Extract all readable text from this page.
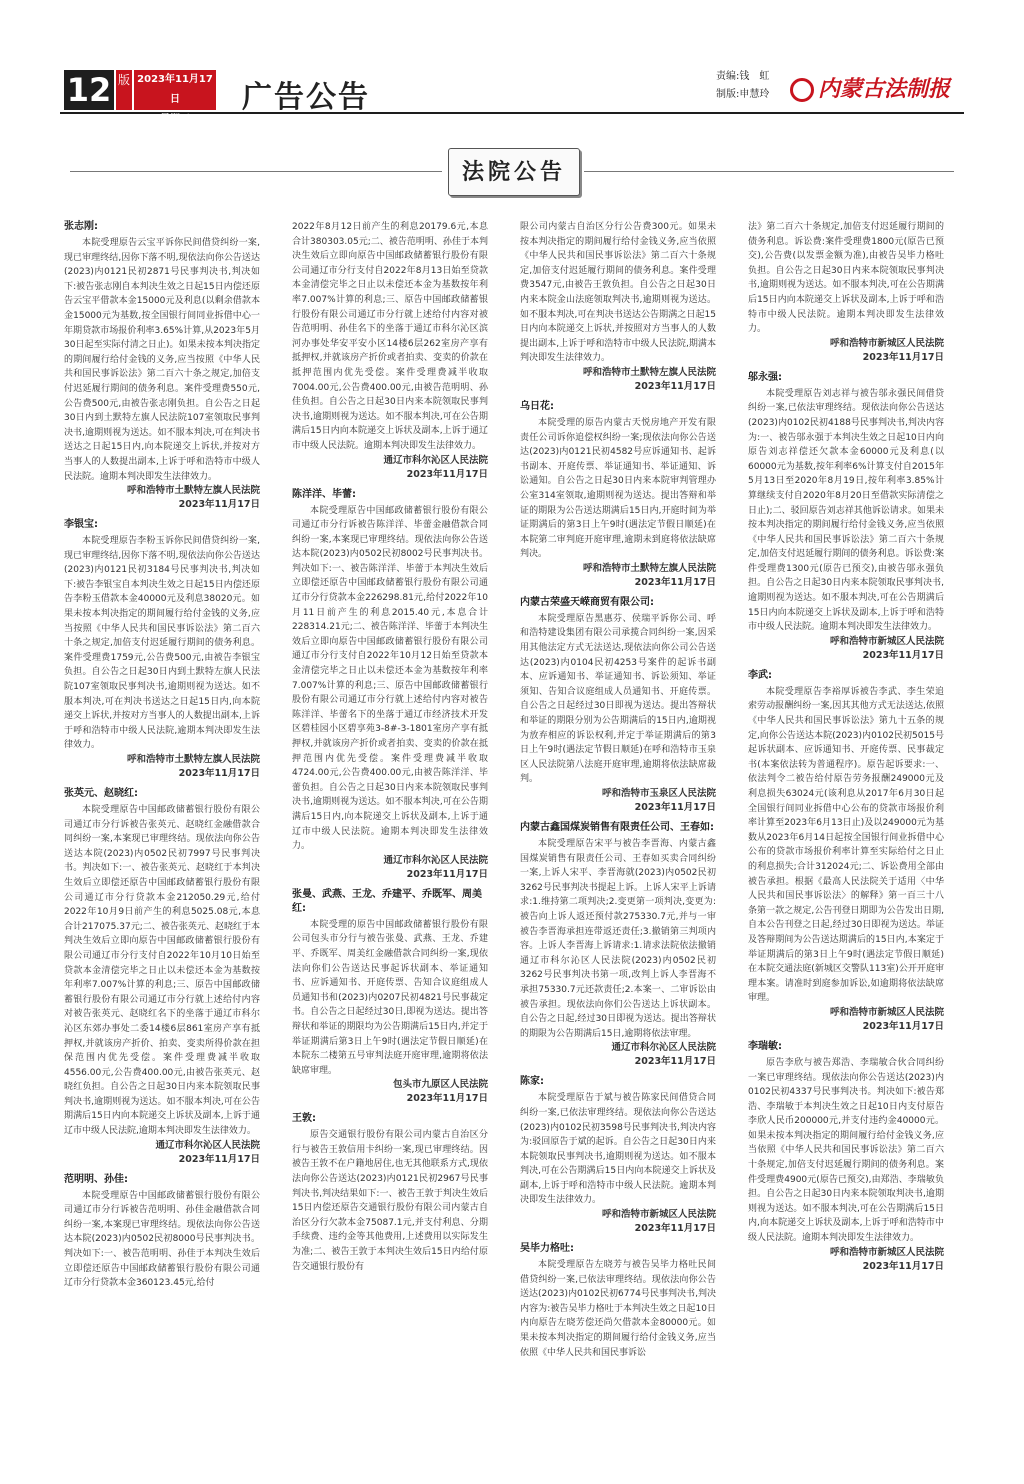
12 版 2023年11月17日
星期五
广告公告
责编:钱　虹
制版:申慧玲	内蒙古法制报
法院公告
张志刚:

本院受理原告云宝平诉你民间借贷纠纷一案,现已审理终结,因你下落不明,现依法向你公告送达(2023)内0121民初2871号民事判决书,判决如下:被告张志刚自本判决生效之日起15日内偿还原告云宝平借款本金15000元及利息(以剩余借款本金15000元为基数,按全国银行间同业拆借中心一年期贷款市场报价利率3.65%计算,从2023年5月30日起至实际付清之日止)。如果未按本判决指定的期间履行给付金钱的义务,应当按照《中华人民共和国民事诉讼法》第二百六十条之规定,加倍支付迟延履行期间的债务利息。案件受理费550元,公告费500元,由被告张志刚负担。自公告之日起30日内到土默特左旗人民法院107室领取民事判决书,逾期则视为送达。如不服本判决,可在判决书送达之日起15日内,向本院递交上诉状,并按对方当事人的人数提出副本,上诉于呼和浩特市中级人民法院。逾期本判决即发生法律效力。

呼和浩特市土默特左旗人民法院

2023年11月17日

李银宝:

本院受理原告李粉玉诉你民间借贷纠纷一案,现已审理终结,因你下落不明,现依法向你公告送达(2023)内0121民初3184号民事判决书,判决如下:被告李银宝自本判决生效之日起15日内偿还原告李粉玉借款本金40000元及利息38020元。如果未按本判决指定的期间履行给付金钱的义务,应当按照《中华人民共和国民事诉讼法》第二百六十条之规定,加倍支付迟延履行期间的债务利息。案件受理费1759元,公告费500元,由被告李银宝负担。自公告之日起30日内到土默特左旗人民法院107室领取民事判决书,逾期则视为送达。如不服本判决,可在判决书送达之日起15日内,向本院递交上诉状,并按对方当事人的人数提出副本,上诉于呼和浩特市中级人民法院,逾期本判决即发生法律效力。

呼和浩特市土默特左旗人民法院

2023年11月17日

张英元、赵晓红:

本院受理原告中国邮政储蓄银行股份有限公司通辽市分行诉被告张英元、赵晓红金融借款合同纠纷一案,本案现已审理终结。现依法向你公告送达本院(2023)内0502民初7997号民事判决书。判决如下:一、被告张英元、赵晓红于本判决生效后立即偿还原告中国邮政储蓄银行股份有限公司通辽市分行贷款本金212050.29元,给付2022年10月9日前产生的利息5025.08元,本息合计217075.37元;二、被告张英元、赵晓红于本判决生效后立即向原告中国邮政储蓄银行股份有限公司通辽市分行支付自2022年10月10日始至贷款本金清偿完毕之日止以未偿还本金为基数按年利率7.007%计算的利息;三、原告中国邮政储蓄银行股份有限公司通辽市分行就上述给付内容对被告张英元、赵晓红名下的坐落于通辽市科尔沁区东郊办事处二委14楼6层861室房产享有抵押权,并就该房产折价、拍卖、变卖所得价款在担保范围内优先受偿。案件受理费减半收取4556.00元,公告费400.00元,由被告张英元、赵晓红负担。自公告之日起30日内来本院领取民事判决书,逾期则视为送达。如不服本判决,可在公告期满后15日内向本院递交上诉状及副本,上诉于通辽市中级人民法院,逾期本判决即发生法律效力。

通辽市科尔沁区人民法院

2023年11月17日

范明明、孙佳:

本院受理原告中国邮政储蓄银行股份有限公司通辽市分行诉被告范明明、孙佳金融借款合同纠纷一案,本案现已审理终结。现依法向你公告送达本院(2023)内0502民初8000号民事判决书。判决如下:一、被告范明明、孙佳于本判决生效后立即偿还原告中国邮政储蓄银行股份有限公司通辽市分行贷款本金360123.45元,给付

2022年8月12日前产生的利息20179.6元,本息合计380303.05元;二、被告范明明、孙佳于本判决生效后立即向原告中国邮政储蓄银行股份有限公司通辽市分行支付自2022年8月13日始至贷款本金清偿完毕之日止以未偿还本金为基数按年利率7.007%计算的利息;三、原告中国邮政储蓄银行股份有限公司通辽市分行就上述给付内容对被告范明明、孙佳名下的坐落于通辽市科尔沁区滨河办事处华安平安小区14楼6层262室房产享有抵押权,并就该房产折价或者拍卖、变卖的价款在抵押范围内优先受偿。案件受理费减半收取7004.00元,公告费400.00元,由被告范明明、孙佳负担。自公告之日起30日内来本院领取民事判决书,逾期则视为送达。如不服本判决,可在公告期满后15日内向本院递交上诉状及副本,上诉于通辽市中级人民法院。逾期本判决即发生法律效力。

通辽市科尔沁区人民法院

2023年11月17日

陈洋洋、毕蕾:

本院受理原告中国邮政储蓄银行股份有限公司通辽市分行诉被告陈洋洋、毕蕾金融借款合同纠纷一案,本案现已审理终结。现依法向你公告送达本院(2023)内0502民初8002号民事判决书。判决如下:一、被告陈洋洋、毕蕾于本判决生效后立即偿还原告中国邮政储蓄银行股份有限公司通辽市分行贷款本金226298.81元,给付2022年10月11日前产生的利息2015.40元,本息合计228314.21元;二、被告陈洋洋、毕蕾于本判决生效后立即向原告中国邮政储蓄银行股份有限公司通辽市分行支付自2022年10月12日始至贷款本金清偿完毕之日止以未偿还本金为基数按年利率7.007%计算的利息;三、原告中国邮政储蓄银行股份有限公司通辽市分行就上述给付内容对被告陈洋洋、毕蕾名下的坐落于通辽市经济技术开发区碧桂园小区碧享苑3-8#-3-1801室房产享有抵押权,并就该房产折价或者拍卖、变卖的价款在抵押范围内优先受偿。案件受理费减半收取4724.00元,公告费400.00元,由被告陈洋洋、毕蕾负担。自公告之日起30日内来本院领取民事判决书,逾期则视为送达。如不服本判决,可在公告期满后15日内,向本院递交上诉状及副本,上诉于通辽市中级人民法院。逾期本判决即发生法律效力。

通辽市科尔沁区人民法院

2023年11月17日

张曼、武燕、王龙、乔建平、乔既军、周美红:

本院受理的原告中国邮政储蓄银行股份有限公司包头市分行与被告张曼、武燕、王龙、乔建平、乔既军、周美红金融借款合同纠纷一案,现依法向你们公告送达民事起诉状副本、举证通知书、应诉通知书、开庭传票、告知合议庭组成人员通知书和(2023)内0207民初4821号民事裁定书。自公告之日起经过30日,即视为送达。提出答辩状和举证的期限均为公告期满后15日内,并定于举证期满后第3日上午9时(遇法定节假日顺延)在本院东二楼第五号审判法庭开庭审理,逾期将依法缺席审理。

包头市九原区人民法院

2023年11月17日

王敦:

原告交通银行股份有限公司内蒙古自治区分行与被告王敦信用卡纠纷一案,现已审理终结。因被告王敦不在户籍地居住,也无其他联系方式,现依法向你公告送达(2023)内0121民初2967号民事判决书,判决结果如下:一、被告王敦于判决生效后15日内偿还原告交通银行股份有限公司内蒙古自治区分行欠款本金75087.1元,并支付利息、分期手续费、违约金等其他费用,上述费用以实际发生为准;二、被告王敦于本判决生效后15日内给付原告交通银行股份有

限公司内蒙古自治区分行公告费300元。如果未按本判决指定的期间履行给付金钱义务,应当依照《中华人民共和国民事诉讼法》第二百六十条规定,加倍支付迟延履行期间的债务利息。案件受理费3547元,由被告王敦负担。自公告之日起30日内来本院金山法庭领取判决书,逾期则视为送达。如不服本判决,可在判决书送达公告期满之日起15日内向本院递交上诉状,并按照对方当事人的人数提出副本,上诉于呼和浩特市中级人民法院,期满本判决即发生法律效力。

呼和浩特市土默特左旗人民法院

2023年11月17日

乌日花:

本院受理的原告内蒙古天悦房地产开发有限责任公司诉你追偿权纠纷一案;现依法向你公告送达(2023)内0121民初4582号应诉通知书、起诉书副本、开庭传票、举证通知书、举证通知、诉讼通知。自公告之日起30日内来本院审判管理办公室314室领取,逾期则视为送达。提出答辩和举证的期限为公告送达期满后15日内,开庭时间为举证期满后的第3日上午9时(遇法定节假日顺延)在本院第二审判庭开庭审理,逾期未到庭将依法缺席判决。

呼和浩特市土默特左旗人民法院

2023年11月17日

内蒙古荣盛天嵘商贸有限公司:

本院受理原告黑惠芬、侯瑞平诉你公司、呼和浩特建设集团有限公司承揽合同纠纷一案,因采用其他法定方式无法送达,现依法向你公司公告送达(2023)内0104民初4253号案件的起诉书副本、应诉通知书、举证通知书、诉讼须知、举证须知、告知合议庭组成人员通知书、开庭传票。自公告之日起经过30日即视为送达。提出答辩状和举证的期限分别为公告期满后的15日内,逾期视为放弃相应的诉讼权利,并定于举证期满后的第3日上午9时(遇法定节假日顺延)在呼和浩特市玉泉区人民法院第八法庭开庭审理,逾期将依法缺席裁判。

呼和浩特市玉泉区人民法院

2023年11月17日

内蒙古鑫国煤炭销售有限责任公司、王春如:

本院受理原告宋平与被告李晋海、内蒙古鑫国煤炭销售有限责任公司、王春如买卖合同纠纷一案,上诉人宋平、李晋海就(2023)内0502民初3262号民事判决书提起上诉。上诉人宋平上诉请求:1.维持第二项判决;2.变更第一项判决,变更为:被告向上诉人返还预付款275330.7元,并与一审被告李晋海承担连带返还责任;3.撤销第三判项内容。上诉人李晋海上诉请求:1.请求法院依法撤销通辽市科尔沁区人民法院(2023)内0502民初3262号民事判决书第一项,改判上诉人李晋海不承担75330.7元还款责任;2.本案一、二审诉讼由被告承担。现依法向你们公告送达上诉状副本。自公告之日起,经过30日即视为送达。提出答辩状的期限为公告期满后15日,逾期将依法审理。

通辽市科尔沁区人民法院

2023年11月17日

陈家:

本院受理原告于斌与被告陈家民间借贷合同纠纷一案,已依法审理终结。现依法向你公告送达(2023)内0102民初3598号民事判决书,判决内容为:驳回原告于斌的起诉。自公告之日起30日内来本院领取民事判决书,逾期则视为送达。如不服本判决,可在公告期满后15日内向本院递交上诉状及副本,上诉于呼和浩特市中级人民法院。逾期本判决即发生法律效力。

呼和浩特市新城区人民法院

2023年11月17日

吴毕力格吐:

本院受理原告左晓芳与被告吴毕力格吐民间借贷纠纷一案,已依法审理终结。现依法向你公告送达(2023)内0102民初6774号民事判决书,判决内容为:被告吴毕力格吐于本判决生效之日起10日内向原告左晓芳偿还尚欠借款本金80000元。如果未按本判决指定的期间履行给付金钱义务,应当依照《中华人民共和国民事诉讼

法》第二百六十条规定,加倍支付迟延履行期间的债务利息。诉讼费:案件受理费1800元(原告已预交),公告费(以发票金额为准),由被告吴毕力格吐负担。自公告之日起30日内来本院领取民事判决书,逾期则视为送达。如不服本判决,可在公告期满后15日内向本院递交上诉状及副本,上诉于呼和浩特市中级人民法院。逾期本判决即发生法律效力。

呼和浩特市新城区人民法院

2023年11月17日

邬永强:

本院受理原告刘志祥与被告邬永强民间借贷纠纷一案,已依法审理终结。现依法向你公告送达(2023)内0102民初4188号民事判决书,判决内容为:一、被告邬永强于本判决生效之日起10日内向原告刘志祥偿还欠款本金60000元及利息(以60000元为基数,按年利率6%计算支付自2015年5月13日至2020年8月19日,按年利率3.85%计算继续支付自2020年8月20日至借款实际清偿之日止);二、驳回原告刘志祥其他诉讼请求。如果未按本判决指定的期间履行给付金钱义务,应当依照《中华人民共和国民事诉讼法》第二百六十条规定,加倍支付迟延履行期间的债务利息。诉讼费:案件受理费1300元(原告已预交),由被告邬永强负担。自公告之日起30日内来本院领取民事判决书,逾期则视为送达。如不服本判决,可在公告期满后15日内向本院递交上诉状及副本,上诉于呼和浩特市中级人民法院。逾期本判决即发生法律效力。

呼和浩特市新城区人民法院

2023年11月17日

李武:

本院受理原告李裕厚诉被告李武、李生荣追索劳动报酬纠纷一案,因其其他方式无法送达,依照《中华人民共和国民事诉讼法》第九十五条的规定,向你公告送达本院(2023)内0102民初5015号起诉状副本、应诉通知书、开庭传票、民事裁定书(本案依法转为普通程序)。原告起诉要求:一、依法判令二被告给付原告劳务报酬249000元及利息损失63024元(该利息从2017年6月30日起全国银行间同业拆借中心公布的贷款市场报价利率计算至2023年6月13日止)及以249000元为基数从2023年6月14日起按全国银行间业拆借中心公布的贷款市场报价利率计算至实际给付之日止的利息损失;合计312024元;二、诉讼费用全部由被告承担。根据《最高人民法院关于适用〈中华人民共和国民事诉讼法〉的解释》第一百三十八条第一款之规定,公告刊登日期即为公告发出日期,自本公告刊登之日起,经过30日即视为送达。举证及答辩期间为公告送达期满后的15日内,本案定于举证期满后的第3日上午9时(遇法定节假日顺延)在本院交通法庭(新城区交警队113室)公开开庭审理本案。请准时到庭参加诉讼,如逾期将依法缺席审理。

呼和浩特市新城区人民法院

2023年11月17日

李瑞敏:

原告李欣与被告郑浩、李瑞敏合伙合同纠纷一案已审理终结。现依法向你公告送达(2023)内0102民初4337号民事判决书。判决如下:被告郑浩、李瑞敏于本判决生效之日起10日内支付原告李欣人民币200000元,并支付违约金40000元。如果未按本判决指定的期间履行给付金钱义务,应当依照《中华人民共和国民事诉讼法》第二百六十条规定,加倍支付迟延履行期间的债务利息。案件受理费4900元(原告已预交),由郑浩、李瑞敏负担。自公告之日起30日内来本院领取判决书,逾期则视为送达。如不服本判决,可在公告期满后15日内,向本院递交上诉状及副本,上诉于呼和浩特市中级人民法院。逾期本判决即发生法律效力。

呼和浩特市新城区人民法院

2023年11月17日
